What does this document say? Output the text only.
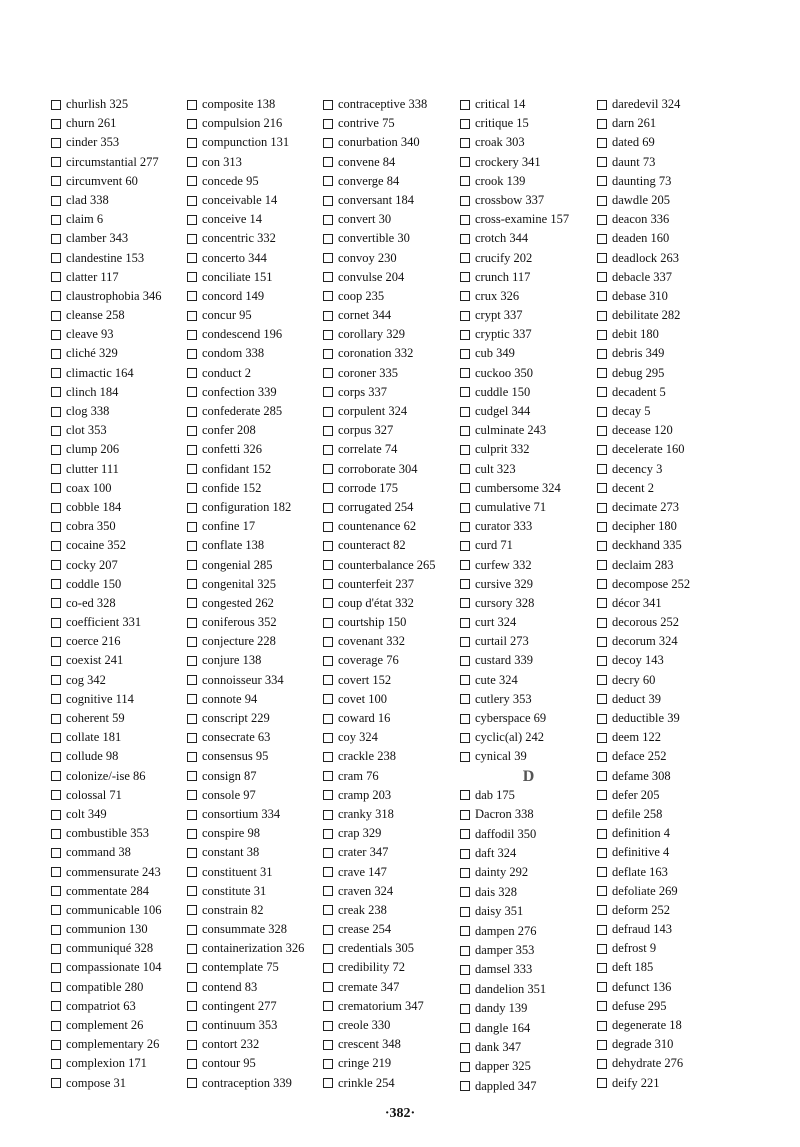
churlish 325
churn 261
cinder 353
circumstantial 277
circumvent 60
clad 338
claim 6
clamber 343
clandestine 153
clatter 117
claustrophobia 346
cleanse 258
cleave 93
cliché 329
climactic 164
clinch 184
clog 338
clot 353
clump 206
clutter 111
coax 100
cobble 184
cobra 350
cocaine 352
cocky 207
coddle 150
co-ed 328
coefficient 331
coerce 216
coexist 241
cog 342
cognitive 114
coherent 59
collate 181
collude 98
colonize/-ise 86
colossal 71
colt 349
combustible 353
command 38
commensurate 243
commentate 284
communicable 106
communion 130
communiqué 328
compassionate 104
compatible 280
compatriot 63
complement 26
complementary 26
complexion 171
compose 31
composite 138
compulsion 216
compunction 131
con 313
concede 95
conceivable 14
conceive 14
concentric 332
concerto 344
conciliate 151
concord 149
concur 95
condescend 196
condom 338
conduct 2
confection 339
confederate 285
confer 208
confetti 326
confidant 152
confide 152
configuration 182
confine 17
conflate 138
congenial 285
congenital 325
congested 262
coniferous 352
conjecture 228
conjure 138
connoisseur 334
connote 94
conscript 229
consecrate 63
consensus 95
consign 87
console 97
consortium 334
conspire 98
constant 38
constituent 31
constitute 31
constrain 82
consummate 328
containerization 326
contemplate 75
contend 83
contingent 277
continuum 353
contort 232
contour 95
contraception 339
contraceptive 338
contrive 75
conurbation 340
convene 84
converge 84
conversant 184
convert 30
convertible 30
convoy 230
convulse 204
coop 235
cornet 344
corollary 329
coronation 332
coroner 335
corps 337
corpulent 324
corpus 327
correlate 74
corroborate 304
corrode 175
corrugated 254
countenance 62
counteract 82
counterbalance 265
counterfeit 237
coup d'état 332
courtship 150
covenant 332
coverage 76
covert 152
covet 100
coward 16
coy 324
crackle 238
cram 76
cramp 203
cranky 318
crap 329
crater 347
crave 147
craven 324
creak 238
crease 254
credentials 305
credibility 72
cremate 347
crematorium 347
creole 330
crescent 348
cringe 219
crinkle 254
critical 14
critique 15
croak 303
crockery 341
crook 139
crossbow 337
cross-examine 157
crotch 344
crucify 202
crunch 117
crux 326
crypt 337
cryptic 337
cub 349
cuckoo 350
cuddle 150
cudgel 344
culminate 243
culprit 332
cult 323
cumbersome 324
cumulative 71
curator 333
curd 71
curfew 332
cursive 329
cursory 328
curt 324
curtail 273
custard 339
cute 324
cutlery 353
cyberspace 69
cyclic(al) 242
cynical 39
D
dab 175
Dacron 338
daffodil 350
daft 324
dainty 292
dais 328
daisy 351
dampen 276
damper 353
damsel 333
dandelion 351
dandy 139
dangle 164
dank 347
dapper 325
dappled 347
daredevil 324
darn 261
dated 69
daunt 73
daunting 73
dawdle 205
deacon 336
deaden 160
deadlock 263
debacle 337
debase 310
debilitate 282
debit 180
debris 349
debug 295
decadent 5
decay 5
decease 120
decelerate 160
decency 3
decent 2
decimate 273
decipher 180
deckhand 335
declaim 283
decompose 252
décor 341
decorous 252
decorum 324
decoy 143
decry 60
deduct 39
deductible 39
deem 122
deface 252
defame 308
defer 205
defile 258
definition 4
definitive 4
deflate 163
defoliate 269
deform 252
defraud 143
defrost 9
deft 185
defunct 136
defuse 295
degenerate 18
degrade 310
dehydrate 276
deify 221
·382·
